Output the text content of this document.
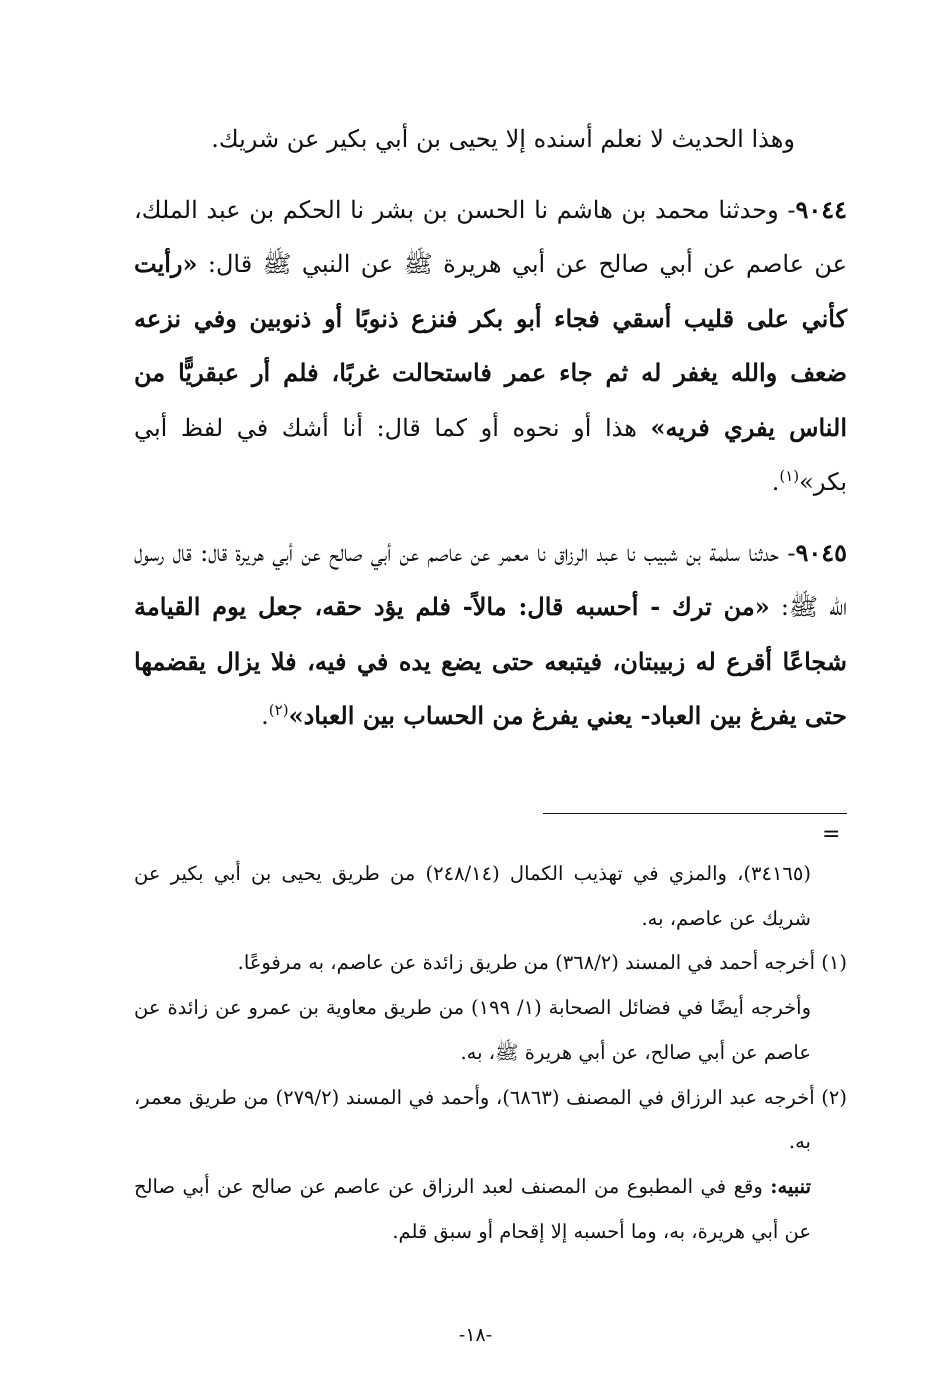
وهذا الحديث لا نعلم أسنده إلا يحيى بن أبي بكير عن شريك.

٩٠٤٤- وحدثنا محمد بن هاشم نا الحسن بن بشر نا الحكم بن عبد الملك، عن عاصم عن أبي صالح عن أبي هريرة ﷺ عن النبي ﷺ قال: «رأيت كأني على قليب أسقي فجاء أبو بكر فنزع ذنوبًا أو ذنوبين وفي نزعه ضعف والله يغفر له ثم جاء عمر فاستحالت غربًا، فلم أر عبقريًّا من الناس يفري فريه» هذا أو نحوه أو كما قال: أنا أشك في لفظ أبي بكر»$^{(١)}$.

٩٠٤٥- حدثنا سلمة بن شبيب نا عبد الرزاق نا معمر عن عاصم عن أبي صالح عن أبي هريرة قال: قال رسول الله ﷺ: «من ترك - أحسبه قال: مالاً- فلم يؤد حقه، جعل يوم القيامة شجاعًا أقرع له زبيبتان، فيتبعه حتى يضع يده في فيه، فلا يزال يقضمها حتى يفرغ بين العباد- يعني يفرغ من الحساب بين العباد»$^{(٢)}$.

=

(٣٤١٦٥)، والمزي في تهذيب الكمال (٢٤٨/١٤) من طريق يحيى بن أبي بكير عن شريك عن عاصم، به.

(١) أخرجه أحمد في المسند (٣٦٨/٢) من طريق زائدة عن عاصم، به مرفوعًا.

وأخرجه أيضًا في فضائل الصحابة (١/ ١٩٩) من طريق معاوية بن عمرو عن زائدة عن عاصم عن أبي صالح، عن أبي هريرة ﷺ، به.

(٢) أخرجه عبد الرزاق في المصنف (٦٨٦٣)، وأحمد في المسند (٢٧٩/٢) من طريق معمر، به.

تنبيه: وقع في المطبوع من المصنف لعبد الرزاق عن عاصم عن صالح عن أبي صالح عن أبي هريرة، به، وما أحسبه إلا إقحام أو سبق قلم.

-١٨-
